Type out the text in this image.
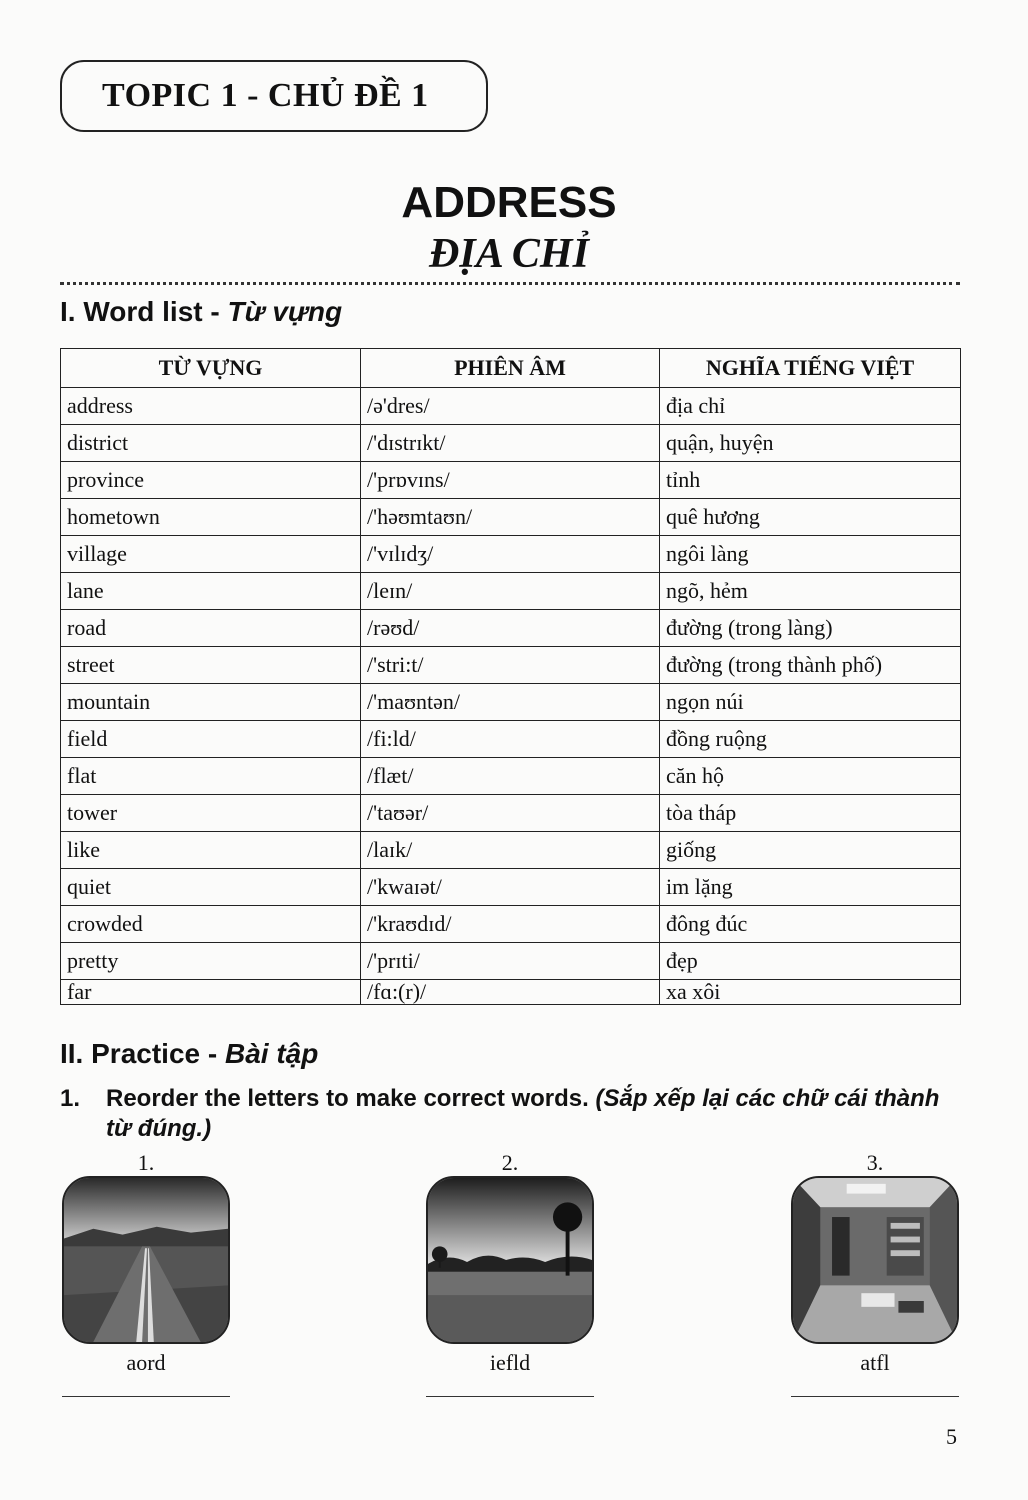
TOPIC 1 - CHỦ ĐỀ 1
ADDRESS
ĐỊA CHỈ
I. Word list - Từ vựng
TỪ VỰNG	PHIÊN ÂM	NGHĨA TIẾNG VIỆT
address	/ə'dres/	địa chỉ
district	/'dɪstrɪkt/	quận, huyện
province	/'prɒvɪns/	tỉnh
hometown	/'həʊmtaʊn/	quê hương
village	/'vɪlɪdʒ/	ngôi làng
lane	/leɪn/	ngõ, hẻm
road	/rəʊd/	đường (trong làng)
street	/'stri:t/	đường (trong thành phố)
mountain	/'maʊntən/	ngọn núi
field	/fi:ld/	đồng ruộng
flat	/flæt/	căn hộ
tower	/'taʊər/	tòa tháp
like	/laɪk/	giống
quiet	/'kwaɪət/	im lặng
crowded	/'kraʊdɪd/	đông đúc
pretty	/'prɪti/	đẹp
far	/fɑ:(r)/	xa xôi
II. Practice - Bài tập
1. Reorder the letters to make correct words. (Sắp xếp lại các chữ cái thành từ đúng.)
1.
aord
2.
iefld
3.
atfl
5
